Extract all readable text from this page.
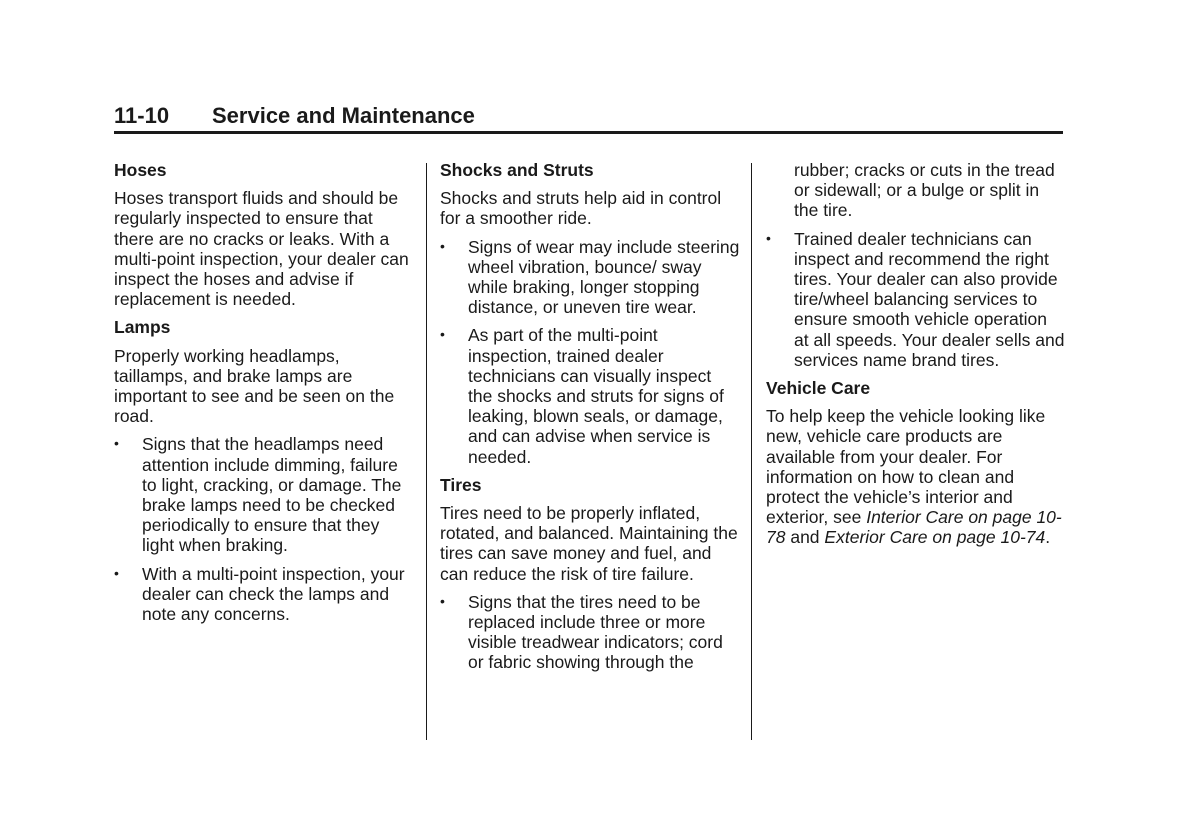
11-10	Service and Maintenance
Hoses

Hoses transport fluids and should be regularly inspected to ensure that there are no cracks or leaks. With a multi-point inspection, your dealer can inspect the hoses and advise if replacement is needed.

Lamps

Properly working headlamps, taillamps, and brake lamps are important to see and be seen on the road.

• Signs that the headlamps need attention include dimming, failure to light, cracking, or damage. The brake lamps need to be checked periodically to ensure that they light when braking.
• With a multi-point inspection, your dealer can check the lamps and note any concerns.
Shocks and Struts

Shocks and struts help aid in control for a smoother ride.

• Signs of wear may include steering wheel vibration, bounce/ sway while braking, longer stopping distance, or uneven tire wear.
• As part of the multi-point inspection, trained dealer technicians can visually inspect the shocks and struts for signs of leaking, blown seals, or damage, and can advise when service is needed.
Tires

Tires need to be properly inflated, rotated, and balanced. Maintaining the tires can save money and fuel, and can reduce the risk of tire failure.

• Signs that the tires need to be replaced include three or more visible treadwear indicators; cord or fabric showing through the
rubber; cracks or cuts in the tread or sidewall; or a bulge or split in the tire.
• Trained dealer technicians can inspect and recommend the right tires. Your dealer can also provide tire/wheel balancing services to ensure smooth vehicle operation at all speeds. Your dealer sells and services name brand tires.
Vehicle Care

To help keep the vehicle looking like new, vehicle care products are available from your dealer. For information on how to clean and protect the vehicle’s interior and exterior, see Interior Care on page 10-78 and Exterior Care on page 10-74.
